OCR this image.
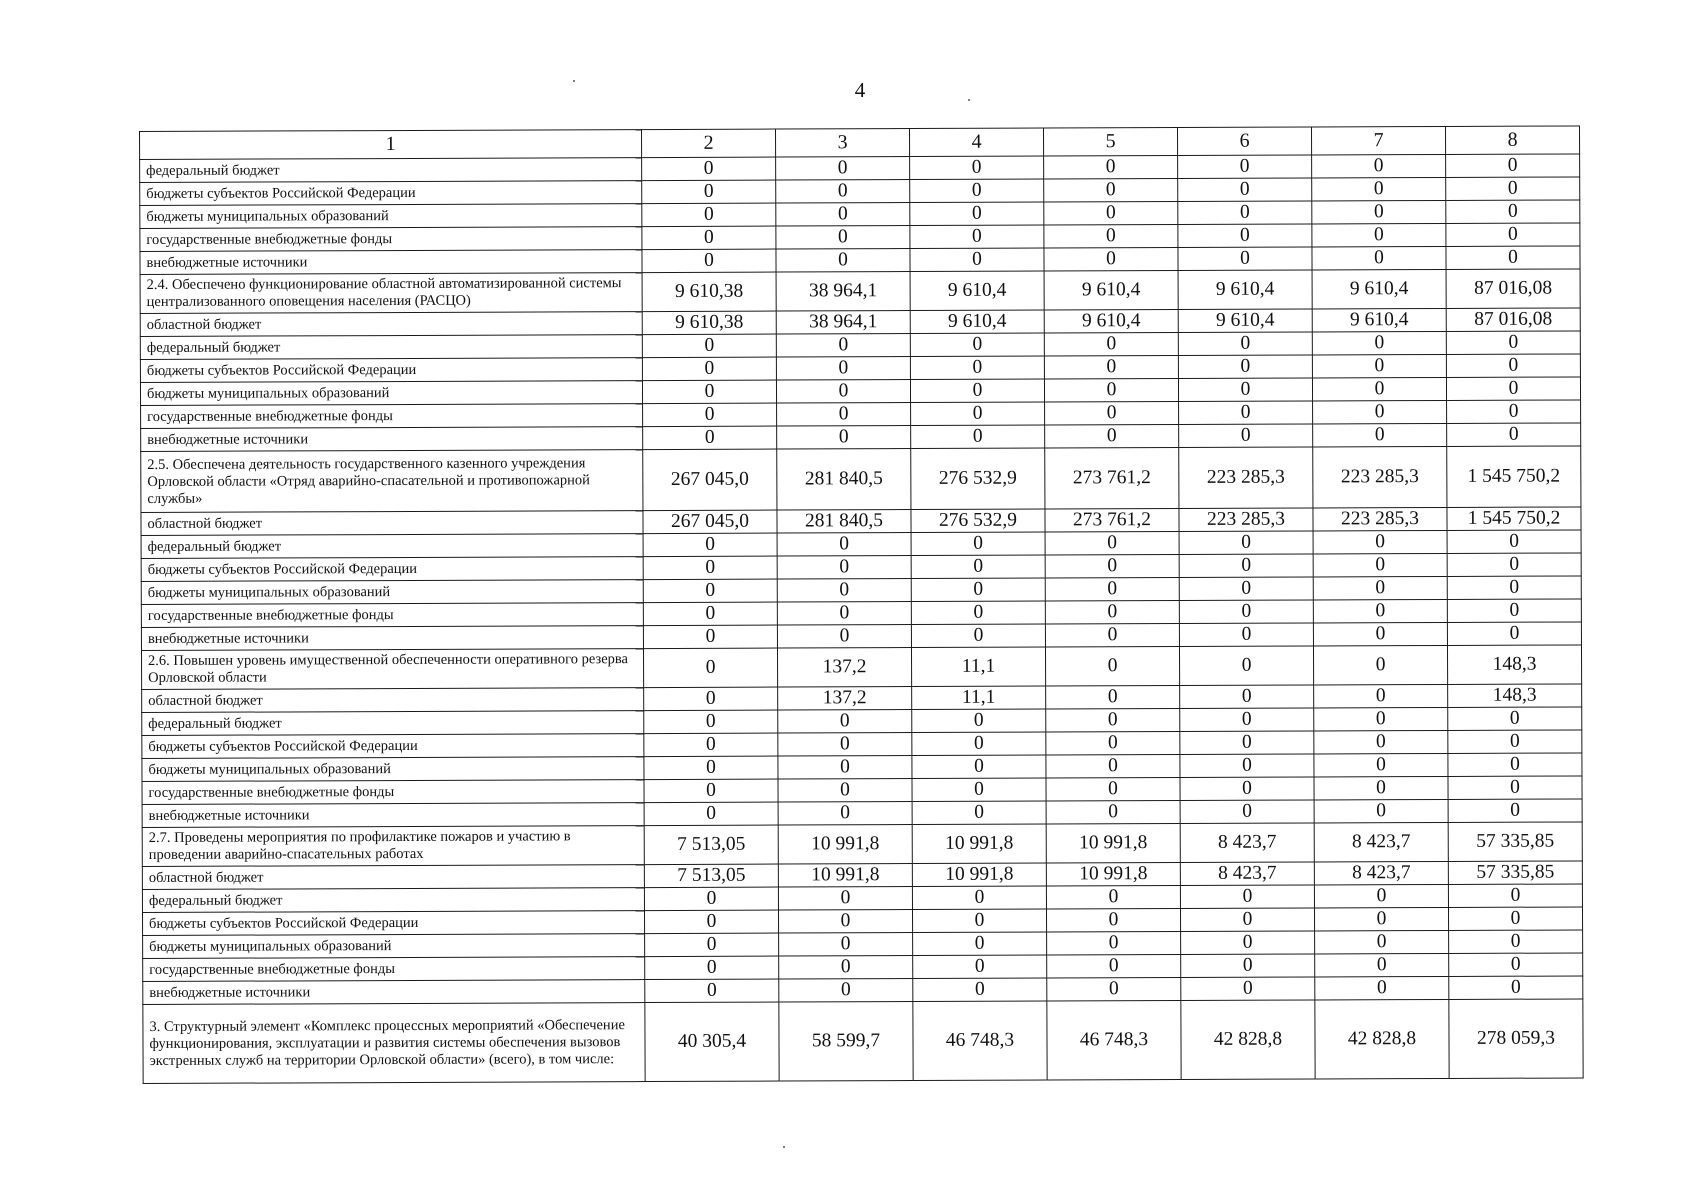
4
1	2	3	4	5	6	7	8
федеральный бюджет	0	0	0	0	0	0	0
бюджеты субъектов Российской Федерации	0	0	0	0	0	0	0
бюджеты муниципальных образований	0	0	0	0	0	0	0
государственные внебюджетные фонды	0	0	0	0	0	0	0
внебюджетные источники	0	0	0	0	0	0	0
2.4. Обеспечено функционирование областной автоматизированной системы централизованного оповещения населения (РАСЦО)	9 610,38	38 964,1	9 610,4	9 610,4	9 610,4	9 610,4	87 016,08
областной бюджет	9 610,38	38 964,1	9 610,4	9 610,4	9 610,4	9 610,4	87 016,08
федеральный бюджет	0	0	0	0	0	0	0
бюджеты субъектов Российской Федерации	0	0	0	0	0	0	0
бюджеты муниципальных образований	0	0	0	0	0	0	0
государственные внебюджетные фонды	0	0	0	0	0	0	0
внебюджетные источники	0	0	0	0	0	0	0
2.5. Обеспечена деятельность государственного казенного учреждения Орловской области «Отряд аварийно-спасательной и противопожарной службы»	267 045,0	281 840,5	276 532,9	273 761,2	223 285,3	223 285,3	1 545 750,2
областной бюджет	267 045,0	281 840,5	276 532,9	273 761,2	223 285,3	223 285,3	1 545 750,2
федеральный бюджет	0	0	0	0	0	0	0
бюджеты субъектов Российской Федерации	0	0	0	0	0	0	0
бюджеты муниципальных образований	0	0	0	0	0	0	0
государственные внебюджетные фонды	0	0	0	0	0	0	0
внебюджетные источники	0	0	0	0	0	0	0
2.6. Повышен уровень имущественной обеспеченности оперативного резерва Орловской области	0	137,2	11,1	0	0	0	148,3
областной бюджет	0	137,2	11,1	0	0	0	148,3
федеральный бюджет	0	0	0	0	0	0	0
бюджеты субъектов Российской Федерации	0	0	0	0	0	0	0
бюджеты муниципальных образований	0	0	0	0	0	0	0
государственные внебюджетные фонды	0	0	0	0	0	0	0
внебюджетные источники	0	0	0	0	0	0	0
2.7. Проведены мероприятия по профилактике пожаров и участию в проведении аварийно-спасательных работах	7 513,05	10 991,8	10 991,8	10 991,8	8 423,7	8 423,7	57 335,85
областной бюджет	7 513,05	10 991,8	10 991,8	10 991,8	8 423,7	8 423,7	57 335,85
федеральный бюджет	0	0	0	0	0	0	0
бюджеты субъектов Российской Федерации	0	0	0	0	0	0	0
бюджеты муниципальных образований	0	0	0	0	0	0	0
государственные внебюджетные фонды	0	0	0	0	0	0	0
внебюджетные источники	0	0	0	0	0	0	0
3. Структурный элемент «Комплекс процессных мероприятий «Обеспечение функционирования, эксплуатации и развития системы обеспечения вызовов экстренных служб на территории Орловской области» (всего), в том числе:	40 305,4	58 599,7	46 748,3	46 748,3	42 828,8	42 828,8	278 059,3
